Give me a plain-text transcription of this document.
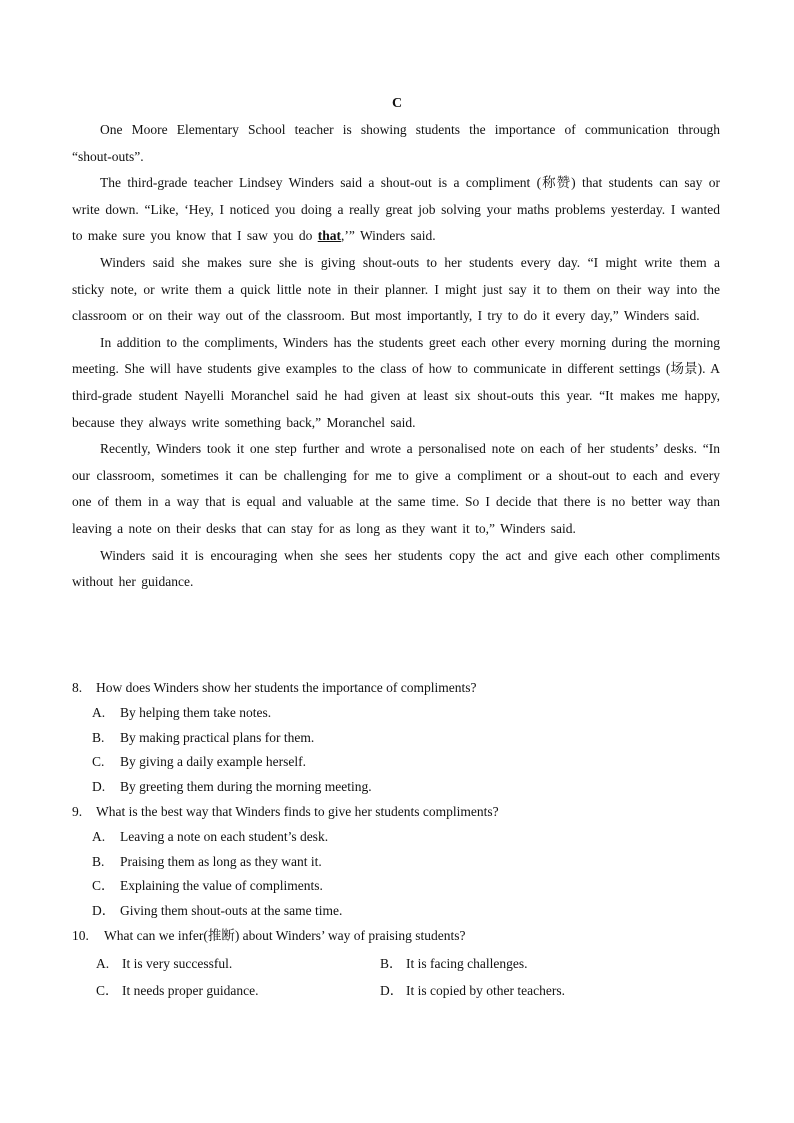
C

One Moore Elementary School teacher is showing students the importance of communication through “shout-outs”.

The third-grade teacher Lindsey Winders said a shout-out is a compliment (称赞) that students can say or write down. “Like, ‘Hey, I noticed you doing a really great job solving your maths problems yesterday. I wanted to make sure you know that I saw you do that,’” Winders said.

Winders said she makes sure she is giving shout-outs to her students every day. “I might write them a sticky note, or write them a quick little note in their planner. I might just say it to them on their way into the classroom or on their way out of the classroom. But most importantly, I try to do it every day,” Winders said.

In addition to the compliments, Winders has the students greet each other every morning during the morning meeting. She will have students give examples to the class of how to communicate in different settings (场景). A third-grade student Nayelli Moranchel said he had given at least six shout-outs this year. “It makes me happy, because they always write something back,” Moranchel said.

Recently, Winders took it one step further and wrote a personalised note on each of her students’ desks. “In our classroom, sometimes it can be challenging for me to give a compliment or a shout-out to each and every one of them in a way that is equal and valuable at the same time. So I decide that there is no better way than leaving a note on their desks that can stay for as long as they want it to,” Winders said.

Winders said it is encouraging when she sees her students copy the act and give each other compliments without her guidance.

8. How does Winders show her students the importance of compliments?
A. By helping them take notes.
B. By making practical plans for them.
C. By giving a daily example herself.
D. By greeting them during the morning meeting.
9. What is the best way that Winders finds to give her students compliments?
A. Leaving a note on each student’s desk.
B. Praising them as long as they want it.
C． Explaining the value of compliments.
D． Giving them shout-outs at the same time.
10. What can we infer(推断) about Winders’ way of praising students?
A. It is very successful.	B． It is facing challenges.
C． It needs proper guidance.	D． It is copied by other teachers.
